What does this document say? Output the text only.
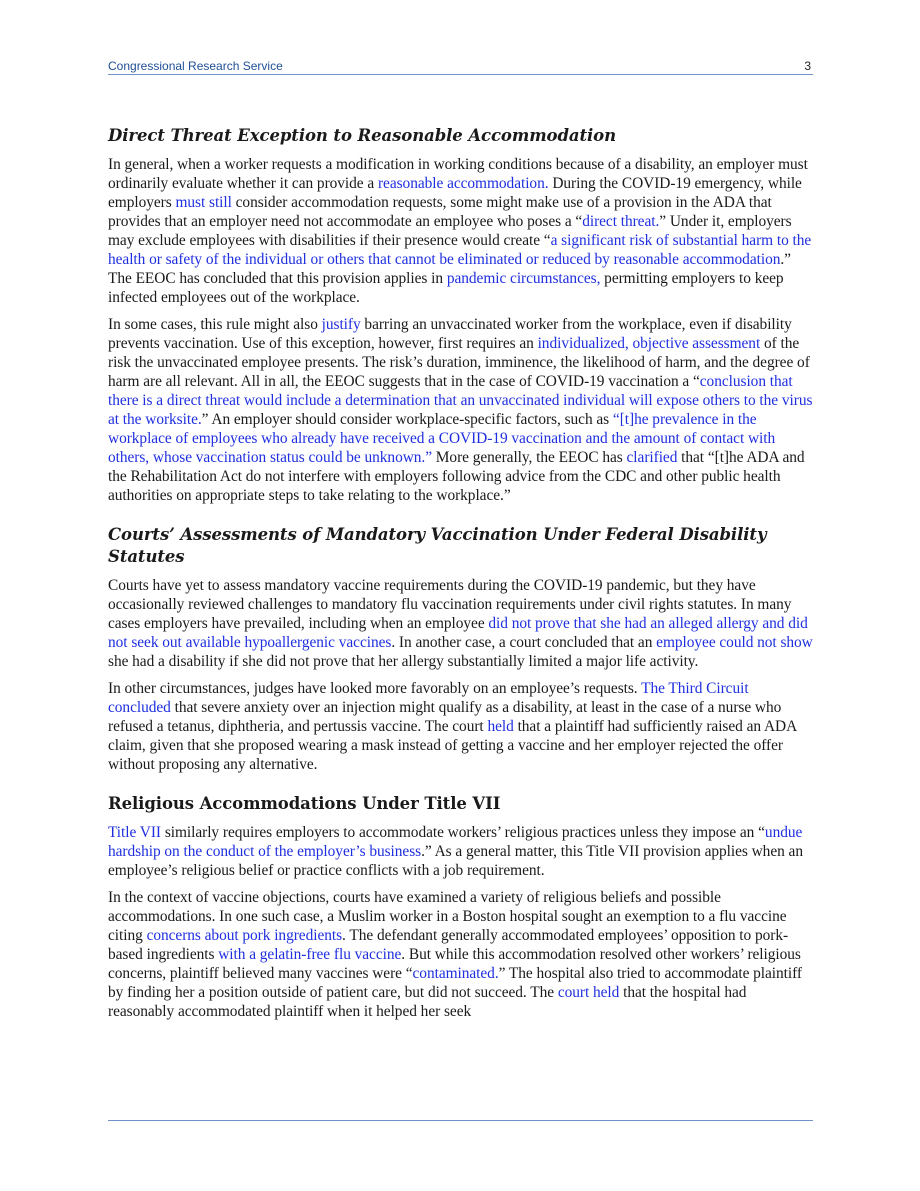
Congressional Research Service	3
Direct Threat Exception to Reasonable Accommodation

In general, when a worker requests a modification in working conditions because of a disability, an employer must ordinarily evaluate whether it can provide a reasonable accommodation. During the COVID-19 emergency, while employers must still consider accommodation requests, some might make use of a provision in the ADA that provides that an employer need not accommodate an employee who poses a “direct threat.” Under it, employers may exclude employees with disabilities if their presence would create “a significant risk of substantial harm to the health or safety of the individual or others that cannot be eliminated or reduced by reasonable accommodation.” The EEOC has concluded that this provision applies in pandemic circumstances, permitting employers to keep infected employees out of the workplace.

In some cases, this rule might also justify barring an unvaccinated worker from the workplace, even if disability prevents vaccination. Use of this exception, however, first requires an individualized, objective assessment of the risk the unvaccinated employee presents. The risk’s duration, imminence, the likelihood of harm, and the degree of harm are all relevant. All in all, the EEOC suggests that in the case of COVID-19 vaccination a “conclusion that there is a direct threat would include a determination that an unvaccinated individual will expose others to the virus at the worksite.” An employer should consider workplace-specific factors, such as “[t]he prevalence in the workplace of employees who already have received a COVID-19 vaccination and the amount of contact with others, whose vaccination status could be unknown.” More generally, the EEOC has clarified that “[t]he ADA and the Rehabilitation Act do not interfere with employers following advice from the CDC and other public health authorities on appropriate steps to take relating to the workplace.”

Courts’ Assessments of Mandatory Vaccination Under Federal Disability Statutes

Courts have yet to assess mandatory vaccine requirements during the COVID-19 pandemic, but they have occasionally reviewed challenges to mandatory flu vaccination requirements under civil rights statutes. In many cases employers have prevailed, including when an employee did not prove that she had an alleged allergy and did not seek out available hypoallergenic vaccines. In another case, a court concluded that an employee could not show she had a disability if she did not prove that her allergy substantially limited a major life activity.

In other circumstances, judges have looked more favorably on an employee’s requests. The Third Circuit concluded that severe anxiety over an injection might qualify as a disability, at least in the case of a nurse who refused a tetanus, diphtheria, and pertussis vaccine. The court held that a plaintiff had sufficiently raised an ADA claim, given that she proposed wearing a mask instead of getting a vaccine and her employer rejected the offer without proposing any alternative.

Religious Accommodations Under Title VII

Title VII similarly requires employers to accommodate workers’ religious practices unless they impose an “undue hardship on the conduct of the employer’s business.” As a general matter, this Title VII provision applies when an employee’s religious belief or practice conflicts with a job requirement.

In the context of vaccine objections, courts have examined a variety of religious beliefs and possible accommodations. In one such case, a Muslim worker in a Boston hospital sought an exemption to a flu vaccine citing concerns about pork ingredients. The defendant generally accommodated employees’ opposition to pork-based ingredients with a gelatin-free flu vaccine. But while this accommodation resolved other workers’ religious concerns, plaintiff believed many vaccines were “contaminated.” The hospital also tried to accommodate plaintiff by finding her a position outside of patient care, but did not succeed. The court held that the hospital had reasonably accommodated plaintiff when it helped her seek
